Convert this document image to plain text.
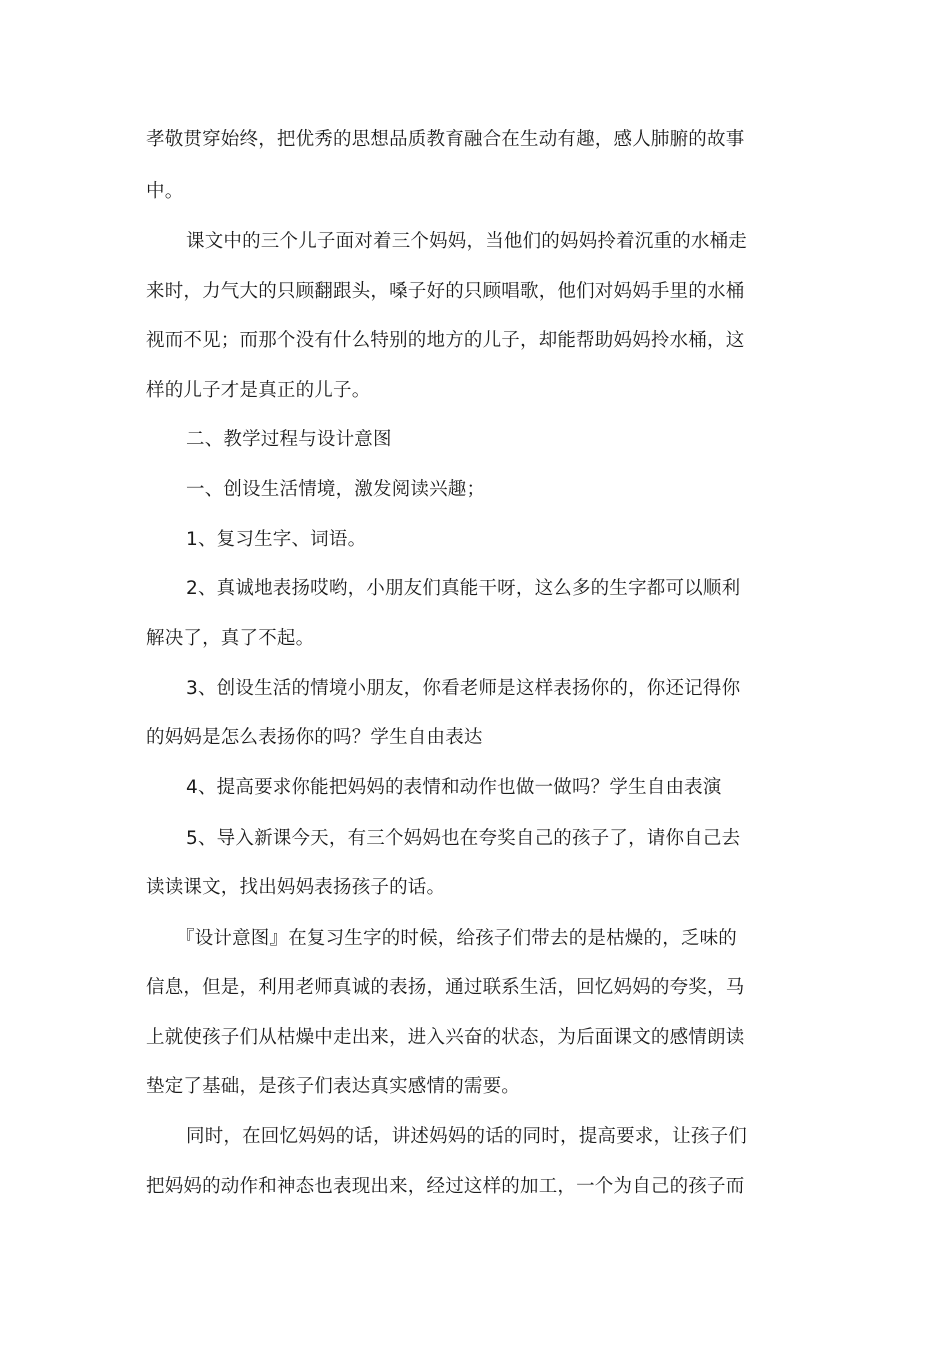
孝敬贯穿始终，把优秀的思想品质教育融合在生动有趣，感人肺腑的故事
中。
课文中的三个儿子面对着三个妈妈，当他们的妈妈拎着沉重的水桶走
来时，力气大的只顾翻跟头，嗓子好的只顾唱歌，他们对妈妈手里的水桶
视而不见；而那个没有什么特别的地方的儿子，却能帮助妈妈拎水桶，这
样的儿子才是真正的儿子。
二、教学过程与设计意图
一、创设生活情境，激发阅读兴趣；
1、复习生字、词语。
2、真诚地表扬哎哟，小朋友们真能干呀，这么多的生字都可以顺利
解决了，真了不起。
3、创设生活的情境小朋友，你看老师是这样表扬你的，你还记得你
的妈妈是怎么表扬你的吗？学生自由表达
4、提高要求你能把妈妈的表情和动作也做一做吗？学生自由表演
5、导入新课今天，有三个妈妈也在夸奖自己的孩子了，请你自己去
读读课文，找出妈妈表扬孩子的话。
『设计意图』在复习生字的时候，给孩子们带去的是枯燥的，乏味的
信息，但是，利用老师真诚的表扬，通过联系生活，回忆妈妈的夸奖，马
上就使孩子们从枯燥中走出来，进入兴奋的状态，为后面课文的感情朗读
垫定了基础，是孩子们表达真实感情的需要。
同时，在回忆妈妈的话，讲述妈妈的话的同时，提高要求，让孩子们
把妈妈的动作和神态也表现出来，经过这样的加工，一个为自己的孩子而
